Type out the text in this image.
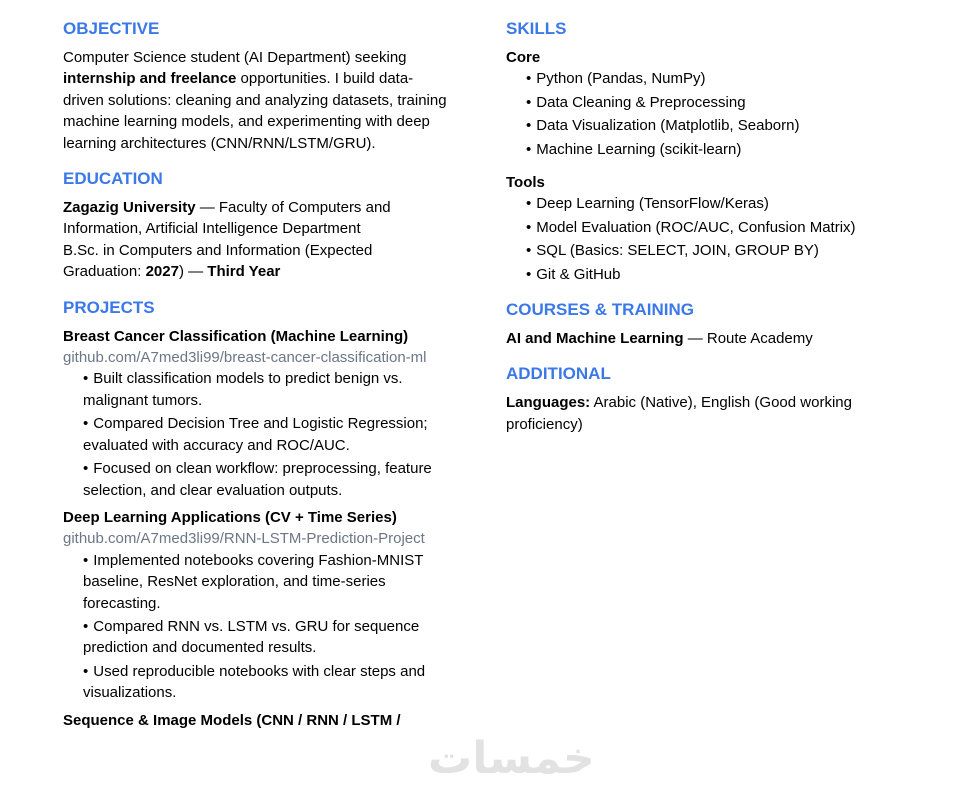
خمسات
OBJECTIVE

Computer Science student (AI Department) seeking internship and freelance opportunities. I build data-driven solutions: cleaning and analyzing datasets, training machine learning models, and experimenting with deep learning architectures (CNN/RNN/LSTM/GRU).

EDUCATION

Zagazig University — Faculty of Computers and Information, Artificial Intelligence Department

B.Sc. in Computers and Information (Expected Graduation: 2027) — Third Year

PROJECTS
Breast Cancer Classification (Machine Learning)
github.com/A7med3li99/breast-cancer-classification-ml
• Built classification models to predict benign vs. malignant tumors.
• Compared Decision Tree and Logistic Regression; evaluated with accuracy and ROC/AUC.
• Focused on clean workflow: preprocessing, feature selection, and clear evaluation outputs.
Deep Learning Applications (CV + Time Series)
github.com/A7med3li99/RNN-LSTM-Prediction-Project
• Implemented notebooks covering Fashion-MNIST baseline, ResNet exploration, and time-series forecasting.
• Compared RNN vs. LSTM vs. GRU for sequence prediction and documented results.
• Used reproducible notebooks with clear steps and visualizations.
Sequence & Image Models (CNN / RNN / LSTM /
SKILLS
Core
• Python (Pandas, NumPy)
• Data Cleaning & Preprocessing
• Data Visualization (Matplotlib, Seaborn)
• Machine Learning (scikit-learn)
Tools
• Deep Learning (TensorFlow/Keras)
• Model Evaluation (ROC/AUC, Confusion Matrix)
• SQL (Basics: SELECT, JOIN, GROUP BY)
• Git & GitHub
COURSES & TRAINING

AI and Machine Learning — Route Academy

ADDITIONAL

Languages: Arabic (Native), English (Good working proficiency)
